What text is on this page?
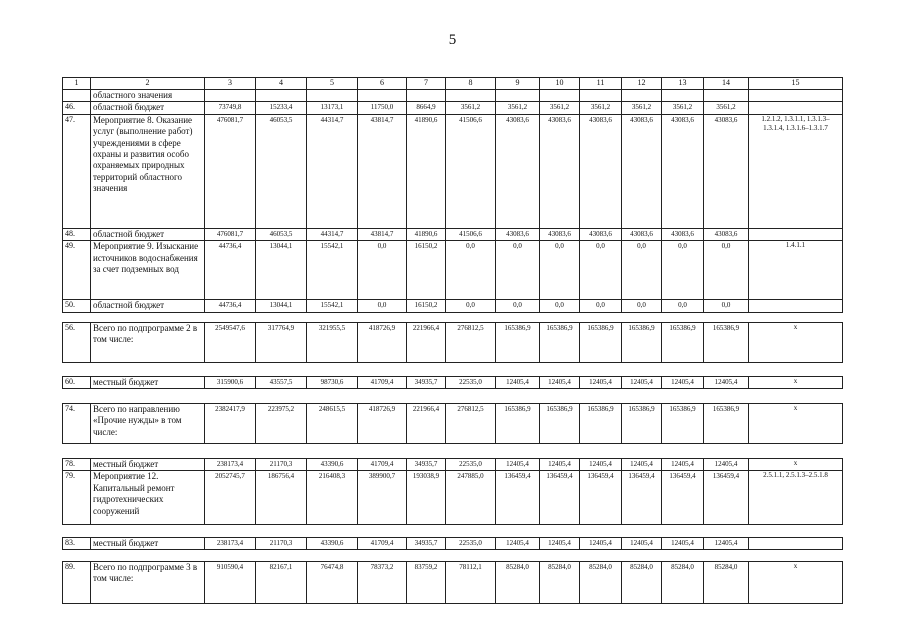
5
1	2	3	4	5	6	7	8	9	10	11	12	13	14	15
	областного значения													
46.	областной бюджет	73749,8	15233,4	13173,1	11750,0	8664,9	3561,2	3561,2	3561,2	3561,2	3561,2	3561,2	3561,2	
47.	Мероприятие 8. Оказание услуг (выполнение работ) учреждениями в сфере охраны и развития особо охраняемых природных территорий областного значения	476081,7	46053,5	44314,7	43814,7	41890,6	41506,6	43083,6	43083,6	43083,6	43083,6	43083,6	43083,6	1.2.1.2, 1.3.1.1, 1.3.1.3–1.3.1.4, 1.3.1.6–1.3.1.7
48.	областной бюджет	476081,7	46053,5	44314,7	43814,7	41890,6	41506,6	43083,6	43083,6	43083,6	43083,6	43083,6	43083,6	
49.	Мероприятие 9. Изыскание источников водоснабжения за счет подземных вод	44736,4	13044,1	15542,1	0,0	16150,2	0,0	0,0	0,0	0,0	0,0	0,0	0,0	1.4.1.1
50.	областной бюджет	44736,4	13044,1	15542,1	0,0	16150,2	0,0	0,0	0,0	0,0	0,0	0,0	0,0	
56.	Всего по подпрограмме 2 в том числе:	2549547,6	317764,9	321955,5	418726,9	221966,4	276812,5	165386,9	165386,9	165386,9	165386,9	165386,9	165386,9	x
60.	местный бюджет	315900,6	43557,5	98730,6	41709,4	34935,7	22535,0	12405,4	12405,4	12405,4	12405,4	12405,4	12405,4	x
74.	Всего по направлению «Прочие нужды» в том числе:	2382417,9	223975,2	248615,5	418726,9	221966,4	276812,5	165386,9	165386,9	165386,9	165386,9	165386,9	165386,9	x
78.	местный бюджет	238173,4	21170,3	43390,6	41709,4	34935,7	22535,0	12405,4	12405,4	12405,4	12405,4	12405,4	12405,4	x
79.	Мероприятие 12. Капитальный ремонт гидротехнических сооружений	2052745,7	186756,4	216408,3	389900,7	193038,9	247885,0	136459,4	136459,4	136459,4	136459,4	136459,4	136459,4	2.5.1.1, 2.5.1.3–2.5.1.8
83.	местный бюджет	238173,4	21170,3	43390,6	41709,4	34935,7	22535,0	12405,4	12405,4	12405,4	12405,4	12405,4	12405,4	
89.	Всего по подпрограмме 3 в том числе:	910590,4	82167,1	76474,8	78373,2	83759,2	78112,1	85284,0	85284,0	85284,0	85284,0	85284,0	85284,0	x
